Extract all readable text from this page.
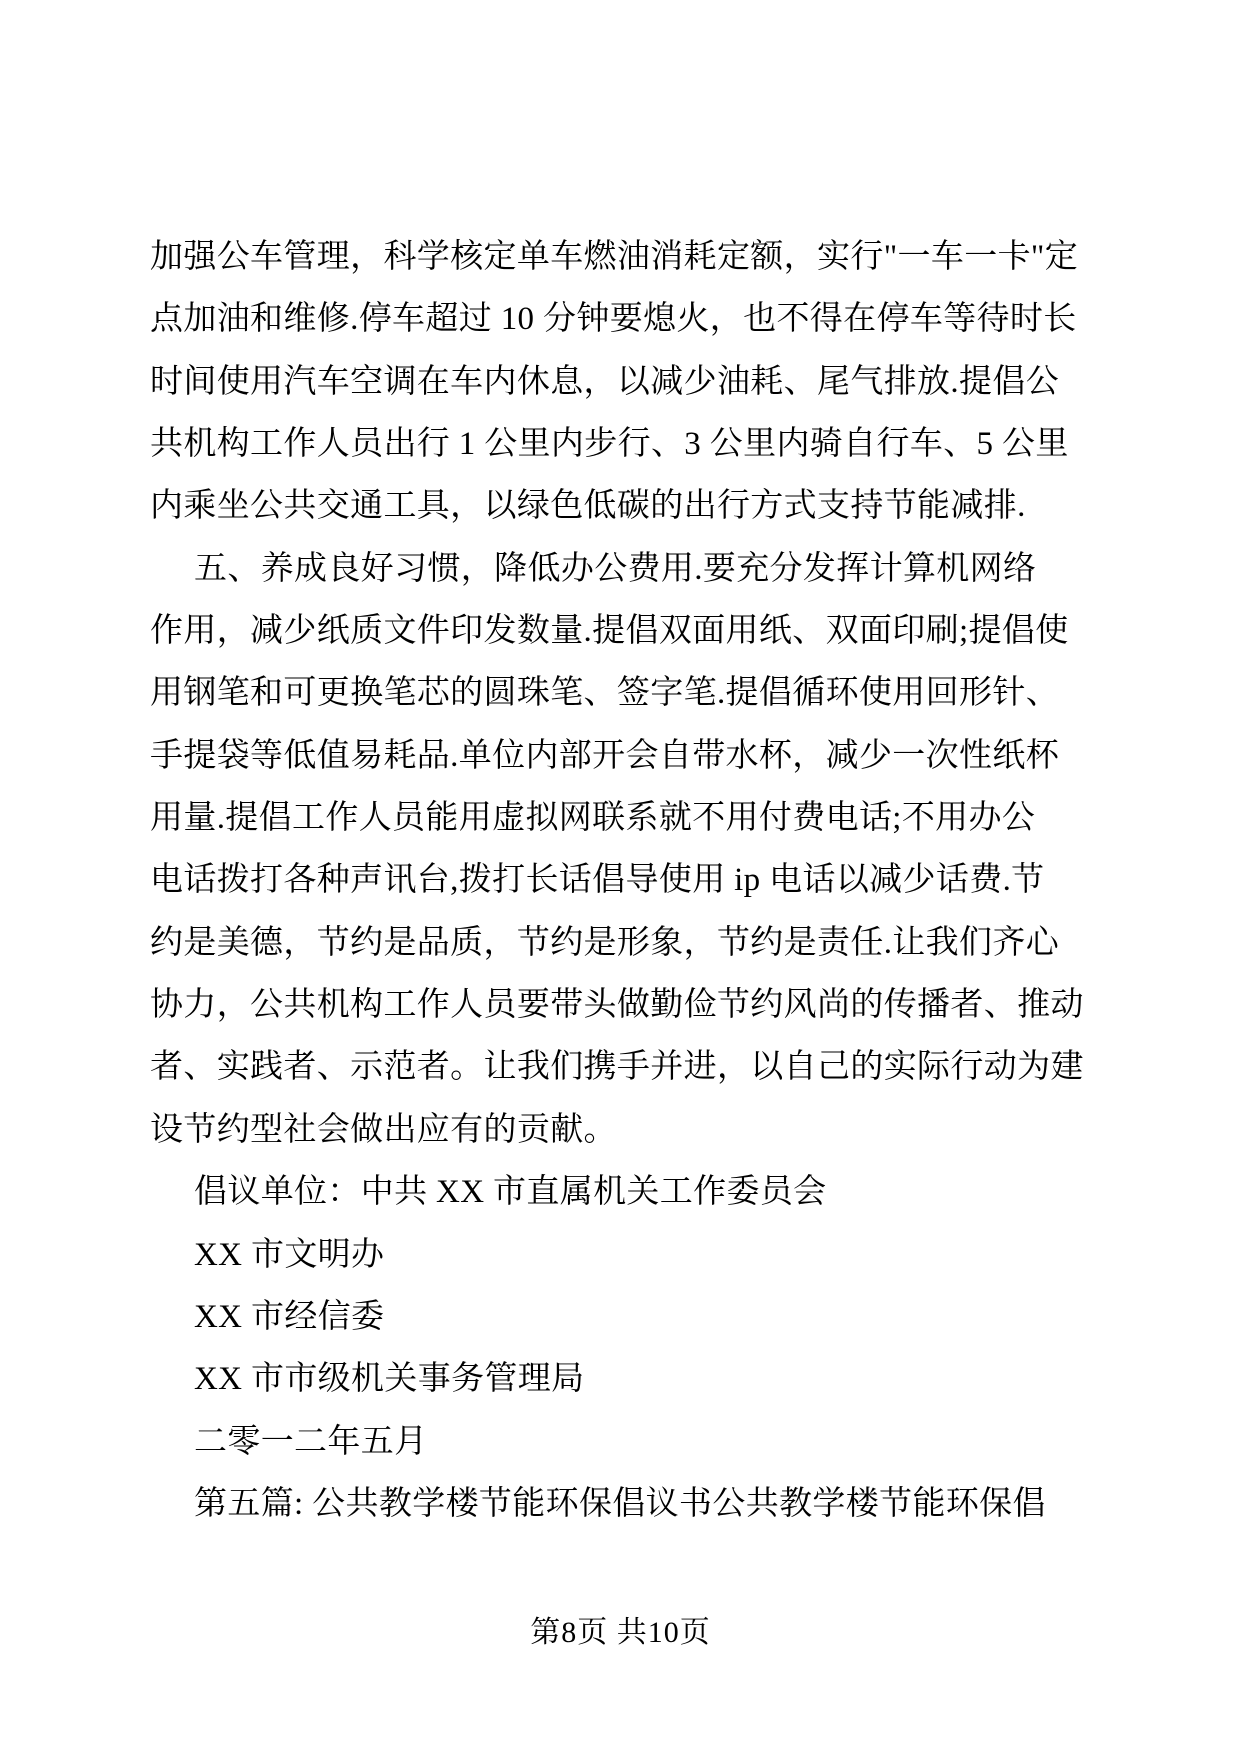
加强公车管理，科学核定单车燃油消耗定额，实行"一车一卡"定
点加油和维修.停车超过 10 分钟要熄火，也不得在停车等待时长
时间使用汽车空调在车内休息，以减少油耗、尾气排放.提倡公
共机构工作人员出行 1 公里内步行、3 公里内骑自行车、5 公里
内乘坐公共交通工具，以绿色低碳的出行方式支持节能减排.
五、养成良好习惯，降低办公费用.要充分发挥计算机网络
作用，减少纸质文件印发数量.提倡双面用纸、双面印刷;提倡使
用钢笔和可更换笔芯的圆珠笔、签字笔.提倡循环使用回形针、
手提袋等低值易耗品.单位内部开会自带水杯，减少一次性纸杯
用量.提倡工作人员能用虚拟网联系就不用付费电话;不用办公
电话拨打各种声讯台,拨打长话倡导使用 ip 电话以减少话费.节
约是美德，节约是品质，节约是形象，节约是责任.让我们齐心
协力，公共机构工作人员要带头做勤俭节约风尚的传播者、推动
者、实践者、示范者。让我们携手并进，以自己的实际行动为建
设节约型社会做出应有的贡献。
倡议单位：中共 XX 市直属机关工作委员会
XX 市文明办
XX 市经信委
XX 市市级机关事务管理局
二零一二年五月
第五篇: 公共教学楼节能环保倡议书公共教学楼节能环保倡
第8页 共10页
